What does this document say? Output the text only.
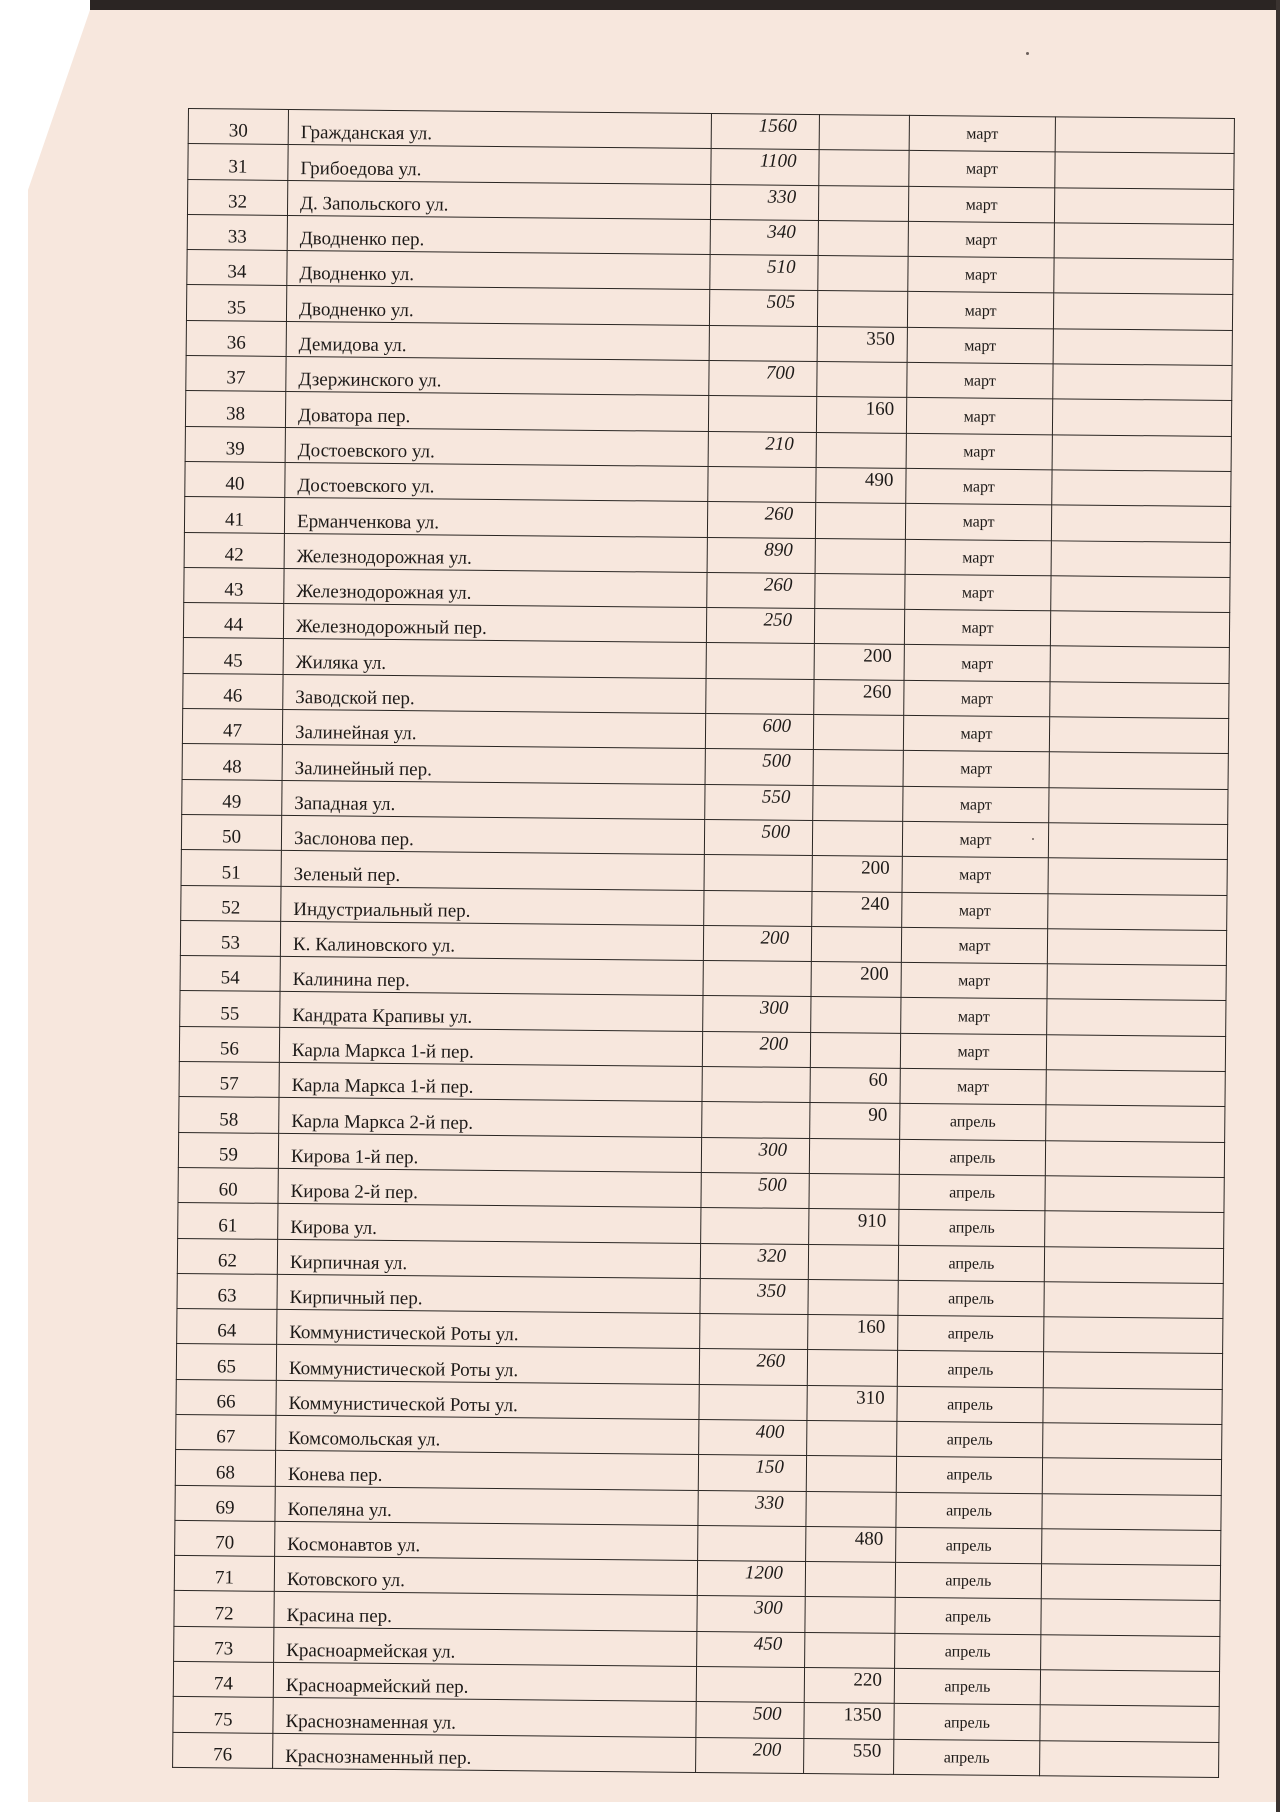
30	Гражданская ул.	1560		март	
31	Грибоедова ул.	1100		март	
32	Д. Запольского ул.	330		март	
33	Дводненко пер.	340		март	
34	Дводненко ул.	510		март	
35	Дводненко ул.	505		март	
36	Демидова ул.		350	март	
37	Дзержинского ул.	700		март	
38	Доватора пер.		160	март	
39	Достоевского ул.	210		март	
40	Достоевского ул.		490	март	
41	Ерманченкова ул.	260		март	
42	Железнодорожная ул.	890		март	
43	Железнодорожная ул.	260		март	
44	Железнодорожный пер.	250		март	
45	Жиляка ул.		200	март	
46	Заводской пер.		260	март	
47	Залинейная ул.	600		март	
48	Залинейный пер.	500		март	
49	Западная ул.	550		март	
50	Заслонова пер.	500		март	
51	Зеленый пер.		200	март	
52	Индустриальный пер.		240	март	
53	К. Калиновского ул.	200		март	
54	Калинина пер.		200	март	
55	Кандрата Крапивы ул.	300		март	
56	Карла Маркса 1-й пер.	200		март	
57	Карла Маркса 1-й пер.		60	март	
58	Карла Маркса 2-й пер.		90	апрель	
59	Кирова 1-й пер.	300		апрель	
60	Кирова 2-й пер.	500		апрель	
61	Кирова ул.		910	апрель	
62	Кирпичная ул.	320		апрель	
63	Кирпичный пер.	350		апрель	
64	Коммунистической Роты ул.		160	апрель	
65	Коммунистической Роты ул.	260		апрель	
66	Коммунистической Роты ул.		310	апрель	
67	Комсомольская ул.	400		апрель	
68	Конева пер.	150		апрель	
69	Копеляна ул.	330		апрель	
70	Космонавтов ул.		480	апрель	
71	Котовского ул.	1200		апрель	
72	Красина пер.	300		апрель	
73	Красноармейская ул.	450		апрель	
74	Красноармейский пер.		220	апрель	
75	Краснознаменная ул.	500	1350	апрель	
76	Краснознаменный пер.	200	550	апрель	
